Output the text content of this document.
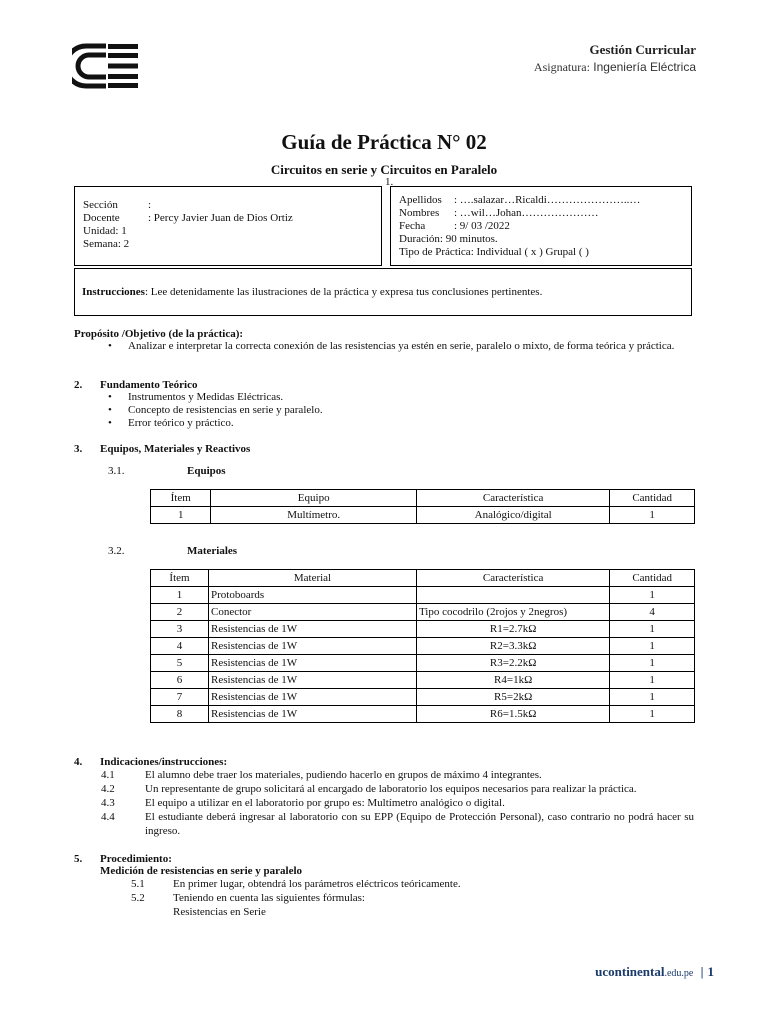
Gestión Curricular
Asignatura: Ingeniería Eléctrica
Guía de Práctica N° 02
Circuitos en serie y Circuitos en Paralelo
1.
Sección	:
Docente	: Percy Javier Juan de Dios Ortiz
Unidad: 1
Semana: 2
Apellidos	: ….salazar…Ricaldi…………………..…
Nombres	: …wil…Johan…………………
Fecha	: 9/ 03 /2022
Duración: 90 minutos.
Tipo de Práctica: Individual ( x ) Grupal ( )
Instrucciones: Lee detenidamente las ilustraciones de la práctica y expresa tus conclusiones pertinentes.
Propósito /Objetivo (de la práctica):
• Analizar e interpretar la correcta conexión de las resistencias ya estén en serie, paralelo o mixto, de forma teórica y práctica.
2. Fundamento Teórico
• Instrumentos y Medidas Eléctricas.
• Concepto de resistencias en serie y paralelo.
• Error teórico y práctico.
3. Equipos, Materiales y Reactivos
3.1.	Equipos
Ítem	Equipo	Característica	Cantidad
1	Multímetro.	Analógico/digital	1
3.2.	Materiales
Ítem	Material	Característica	Cantidad
1	Protoboards		1
2	Conector	Tipo cocodrilo (2rojos y 2negros)	4
3	Resistencias de 1W	R1=2.7kΩ	1
4	Resistencias de 1W	R2=3.3kΩ	1
5	Resistencias de 1W	R3=2.2kΩ	1
6	Resistencias de 1W	R4=1kΩ	1
7	Resistencias de 1W	R5=2kΩ	1
8	Resistencias de 1W	R6=1.5kΩ	1
4. Indicaciones/instrucciones:
4.1	El alumno debe traer los materiales, pudiendo hacerlo en grupos de máximo 4 integrantes.
4.2	Un representante de grupo solicitará al encargado de laboratorio los equipos necesarios para realizar la práctica.
4.3	El equipo a utilizar en el laboratorio por grupo es: Multímetro analógico o digital.
4.4	El estudiante deberá ingresar al laboratorio con su EPP (Equipo de Protección Personal), caso contrario no podrá hacer su ingreso.
5. Procedimiento:
Medición de resistencias en serie y paralelo
5.1	En primer lugar, obtendrá los parámetros eléctricos teóricamente.
5.2	Teniendo en cuenta las siguientes fórmulas:
Resistencias en Serie
ucontinental.edu.pe | 1
